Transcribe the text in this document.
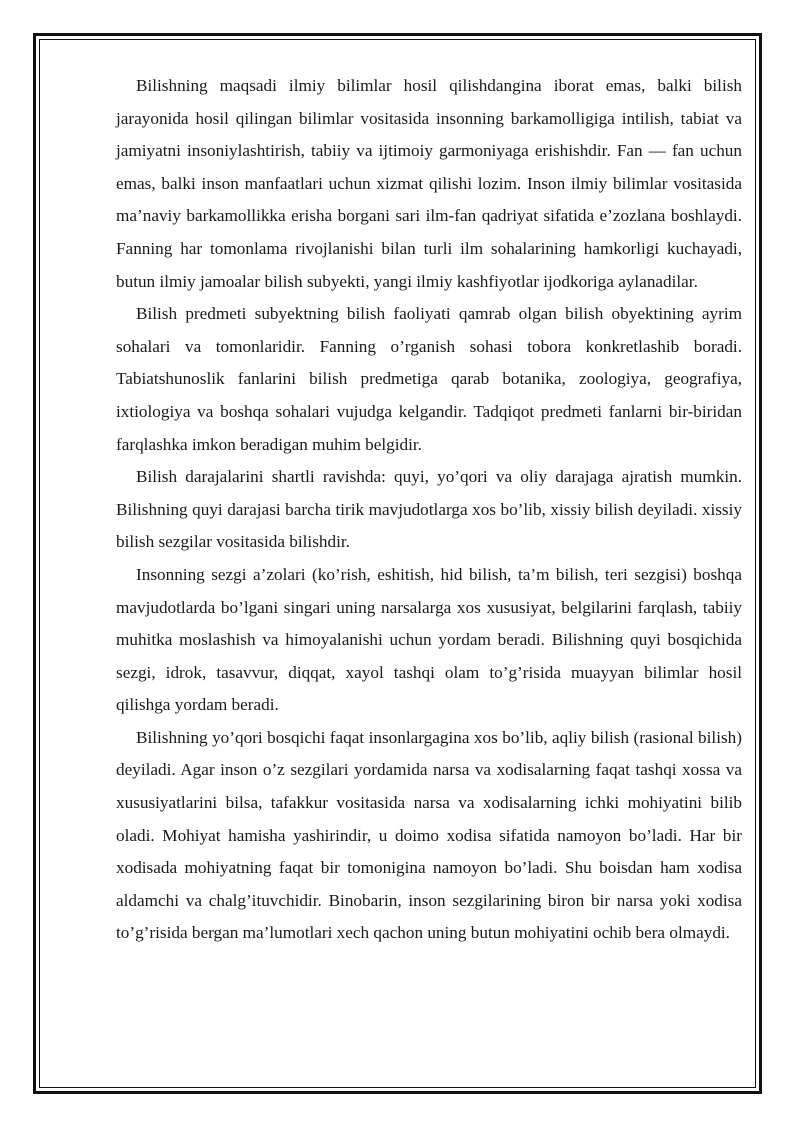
Bilishning maqsadi ilmiy bilimlar hosil qilishdangina iborat emas, balki bilish jarayonida hosil qilingan bilimlar vositasida insonning barkamolligiga intilish, tabiat va jamiyatni insoniylashtirish, tabiiy va ijtimoiy garmoniyaga erishishdir. Fan — fan uchun emas, balki inson manfaatlari uchun xizmat qilishi lozim. Inson ilmiy bilimlar vositasida ma’naviy barkamollikka erisha borgani sari ilm-fan qadriyat sifatida e’zozlana boshlaydi. Fanning har tomonlama rivojlanishi bilan turli ilm sohalarining hamkorligi kuchayadi, butun ilmiy jamoalar bilish subyekti, yangi ilmiy kashfiyotlar ijodkoriga aylanadilar.

Bilish predmeti subyektning bilish faoliyati qamrab olgan bilish obyektining ayrim sohalari va tomonlaridir. Fanning o’rganish sohasi tobora konkretlashib boradi. Tabiatshunoslik fanlarini bilish predmetiga qarab botanika, zoologiya, geografiya, ixtiologiya va boshqa sohalari vujudga kelgandir. Tadqiqot predmeti fanlarni bir-biridan farqlashka imkon beradigan muhim belgidir.

Bilish darajalarini shartli ravishda: quyi, yo’qori va oliy darajaga ajratish mumkin. Bilishning quyi darajasi barcha tirik mavjudotlarga xos bo’lib, xissiy bilish deyiladi. xissiy bilish sezgilar vositasida bilishdir.

Insonning sezgi a’zolari (ko’rish, eshitish, hid bilish, ta’m bilish, teri sezgisi) boshqa mavjudotlarda bo’lgani singari uning narsalarga xos xususiyat, belgilarini farqlash, tabiiy muhitka moslashish va himoyalanishi uchun yordam beradi. Bilishning quyi bosqichida sezgi, idrok, tasavvur, diqqat, xayol tashqi olam to’g’risida muayyan bilimlar hosil qilishga yordam beradi.

Bilishning yo’qori bosqichi faqat insonlargagina xos bo’lib, aqliy bilish (rasional bilish) deyiladi. Agar inson o’z sezgilari yordamida narsa va xodisalarning faqat tashqi xossa va xususiyatlarini bilsa, tafakkur vositasida narsa va xodisalarning ichki mohiyatini bilib oladi. Mohiyat hamisha yashirindir, u doimo xodisa sifatida namoyon bo’ladi. Har bir xodisada mohiyatning faqat bir tomonigina namoyon bo’ladi. Shu boisdan ham xodisa aldamchi va chalg’ituvchidir. Binobarin, inson sezgilarining biron bir narsa yoki xodisa to’g’risida bergan ma’lumotlari xech qachon uning butun mohiyatini ochib bera olmaydi.
